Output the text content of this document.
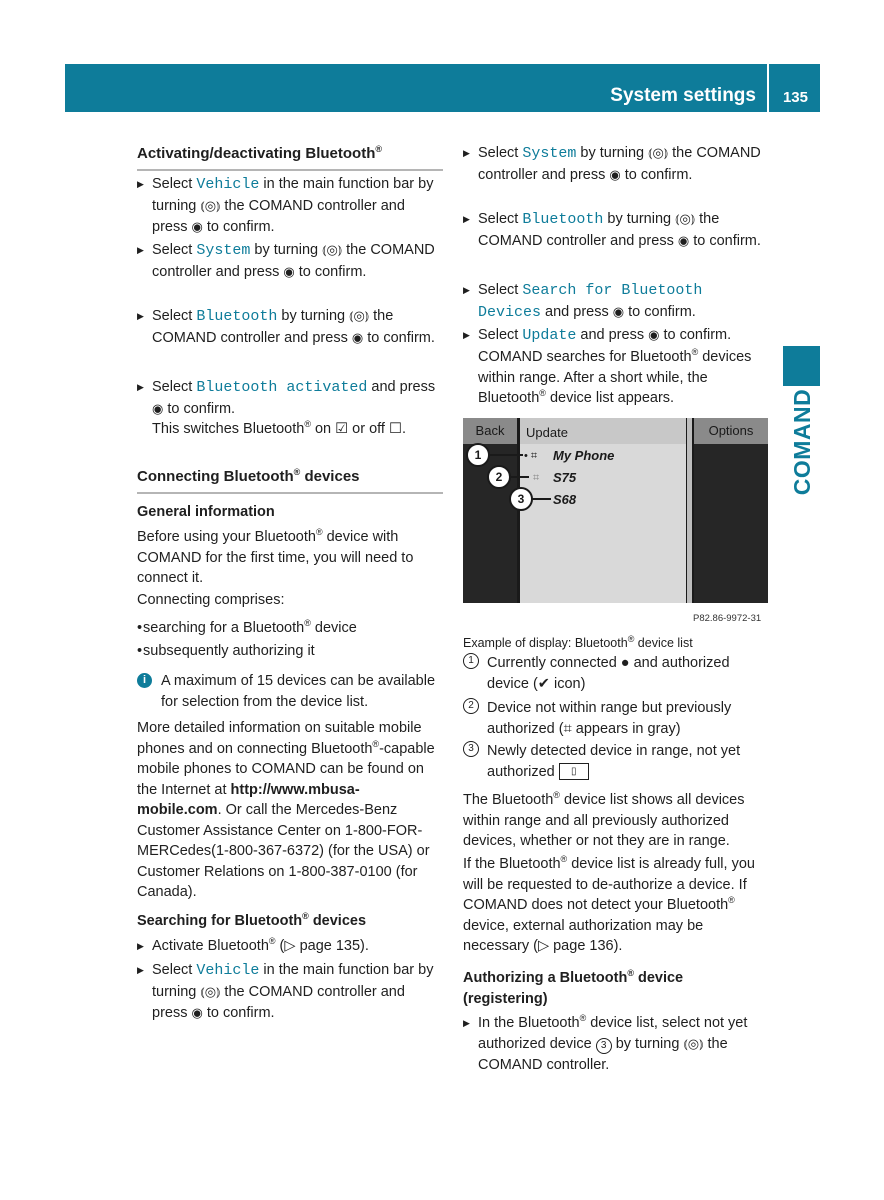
System settings 135
COMAND
Activating/deactivating Bluetooth®
▶ Select Vehicle in the main function bar by turning ⦅◎⦆ the COMAND controller and press ◉ to confirm.
▶ Select System by turning ⦅◎⦆ the COMAND controller and press ◉ to confirm.
▶ Select Bluetooth by turning ⦅◎⦆ the COMAND controller and press ◉ to confirm.
▶ Select Bluetooth activated and press ◉ to confirm.
This switches Bluetooth® on ☑ or off ☐.
Connecting Bluetooth® devices
General information
Before using your Bluetooth® device with COMAND for the first time, you will need to connect it.
Connecting comprises:
• searching for a Bluetooth® device
• subsequently authorizing it
i	A maximum of 15 devices can be available for selection from the device list.
More detailed information on suitable mobile phones and on connecting Bluetooth®-capable mobile phones to COMAND can be found on the Internet at http://www.mbusa-mobile.com. Or call the Mercedes-Benz Customer Assistance Center on 1-800-FOR-MERCedes(1-800-367-6372) (for the USA) or Customer Relations on 1-800-387-0100 (for Canada).
Searching for Bluetooth® devices
▶ Activate Bluetooth® (▷ page 135).
▶ Select Vehicle in the main function bar by turning ⦅◎⦆ the COMAND controller and press ◉ to confirm.
▶ Select System by turning ⦅◎⦆ the COMAND controller and press ◉ to confirm.
▶ Select Bluetooth by turning ⦅◎⦆ the COMAND controller and press ◉ to confirm.
▶ Select Search for Bluetooth Devices and press ◉ to confirm.
▶ Select Update and press ◉ to confirm.
COMAND searches for Bluetooth® devices within range. After a short while, the Bluetooth® device list appears.
Back	Update	Options
• ⌗ My Phone
⌗ S75
S68
1
2
3
P82.86-9972-31
Example of display: Bluetooth® device list
1 Currently connected ● and authorized device (✔ icon)
2 Device not within range but previously authorized (⌗ appears in gray)
3 Newly detected device in range, not yet authorized ▯
The Bluetooth® device list shows all devices within range and all previously authorized devices, whether or not they are in range.
If the Bluetooth® device list is already full, you will be requested to de-authorize a device. If COMAND does not detect your Bluetooth® device, external authorization may be necessary (▷ page 136).
Authorizing a Bluetooth® device (registering)
▶ In the Bluetooth® device list, select not yet authorized device 3 by turning ⦅◎⦆ the COMAND controller.
